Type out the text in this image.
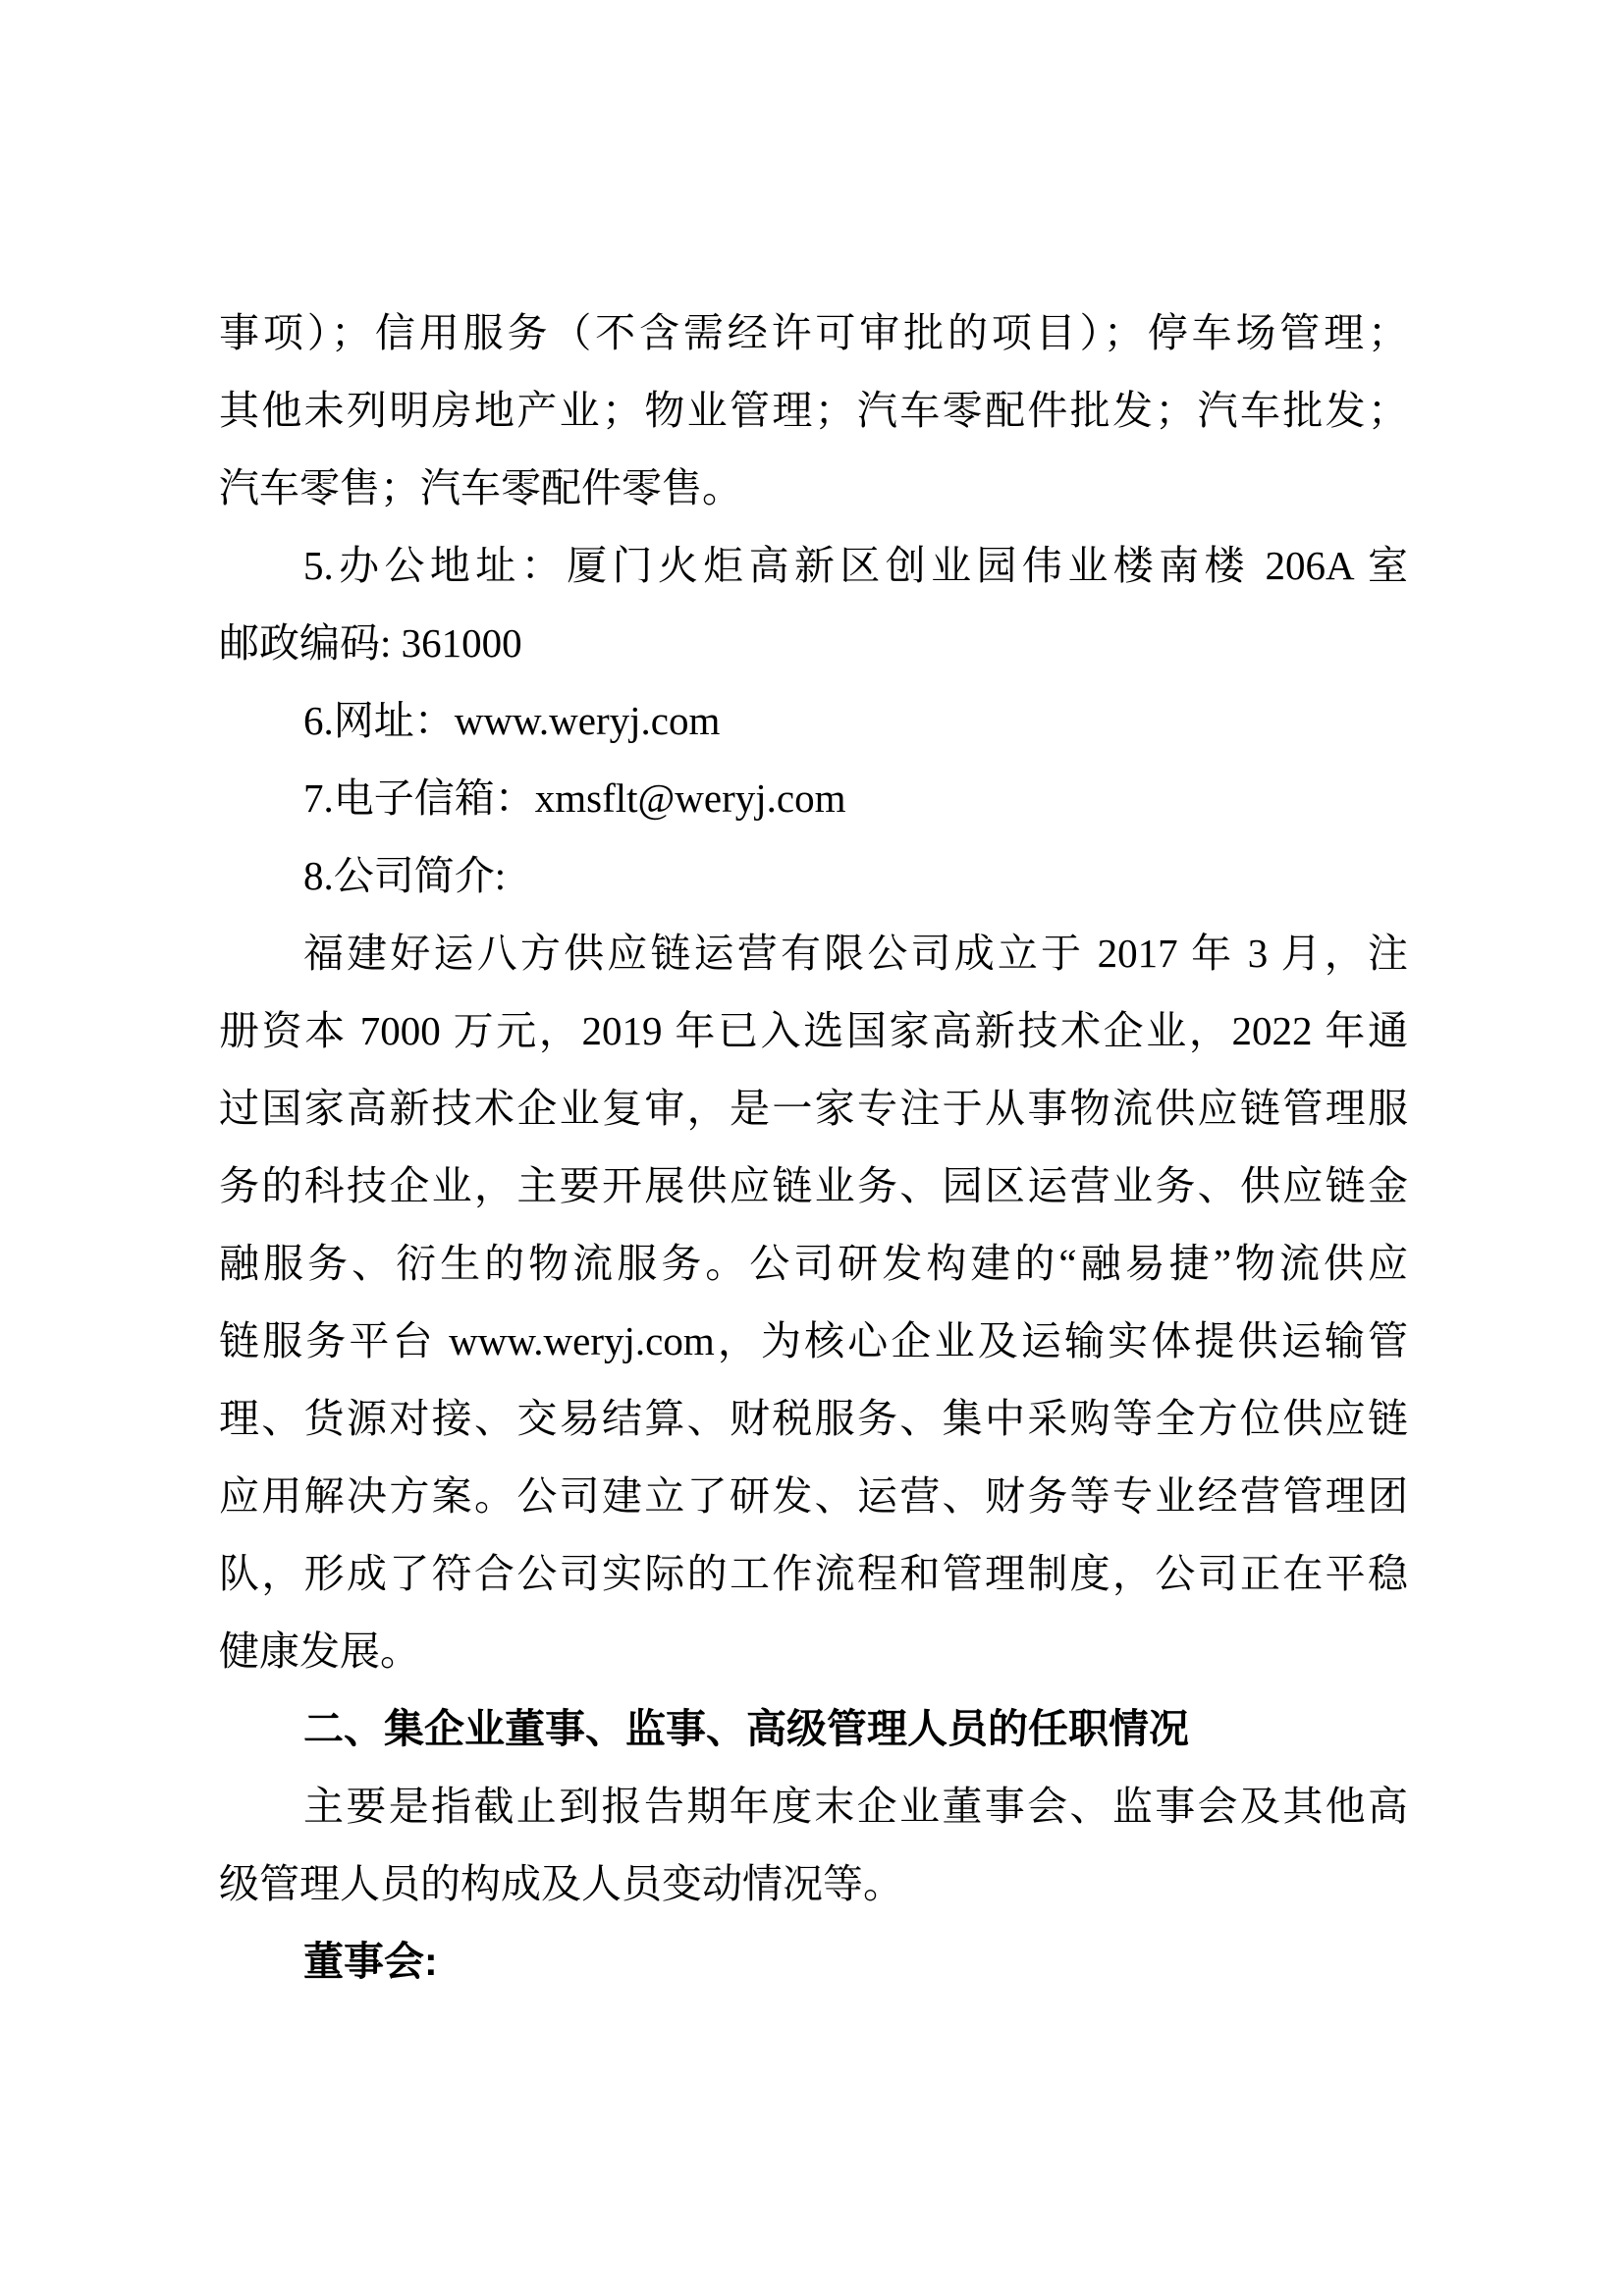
事项）；信用服务（不含需经许可审批的项目）；停车场管理；

其他未列明房地产业；物业管理；汽车零配件批发；汽车批发；

汽车零售；汽车零配件零售。

5.办公地址：厦门火炬高新区创业园伟业楼南楼 206A 室

邮政编码: 361000

6.网址：www.weryj.com

7.电子信箱：xmsflt@weryj.com

8.公司简介:

福建好运八方供应链运营有限公司成立于 2017 年 3 月，注

册资本 7000 万元，2019 年已入选国家高新技术企业，2022 年通

过国家高新技术企业复审，是一家专注于从事物流供应链管理服

务的科技企业，主要开展供应链业务、园区运营业务、供应链金

融服务、衍生的物流服务。公司研发构建的“融易捷”物流供应

链服务平台 www.weryj.com，为核心企业及运输实体提供运输管

理、货源对接、交易结算、财税服务、集中采购等全方位供应链

应用解决方案。公司建立了研发、运营、财务等专业经营管理团

队，形成了符合公司实际的工作流程和管理制度，公司正在平稳

健康发展。

二、集企业董事、监事、高级管理人员的任职情况

主要是指截止到报告期年度末企业董事会、监事会及其他高

级管理人员的构成及人员变动情况等。

董事会:
